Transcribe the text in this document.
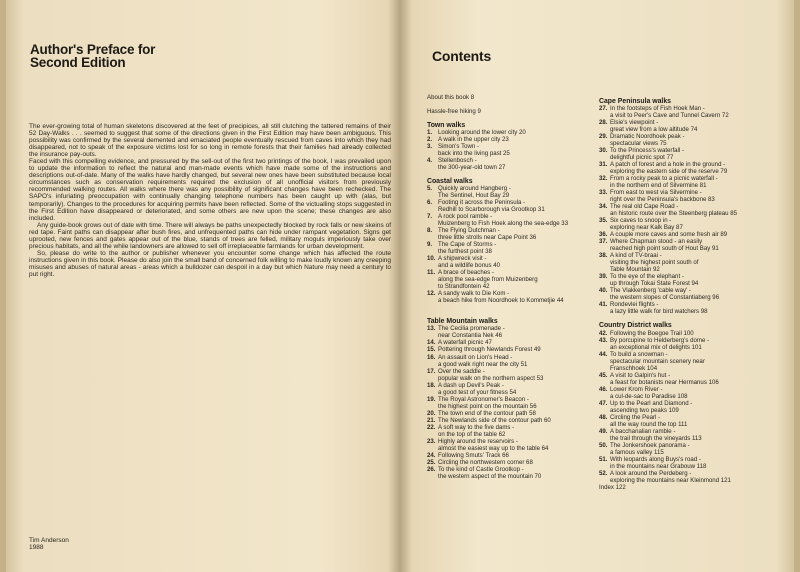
Author's Preface for
Second Edition

The ever-growing total of human skeletons discovered at the feet of precipices, all still clutching the tattered remains of their 52 Day-Walks . . . seemed to suggest that some of the directions given in the First Edition may have been ambiguous. This possibility was confirmed by the several demented and emaciated people eventually rescued from caves into which they had disappeared, not to speak of the exposure victims lost for so long in remote forests that their families had already collected the insurance pay-outs.

Faced with this compelling evidence, and pressured by the sell-out of the first two printings of the book, I was prevailed upon to update the information to reflect the natural and man-made events which have made some of the instructions and descriptions out-of-date. Many of the walks have hardly changed, but several new ones have been substituted because local circumstances such as conservation requirements required the exclusion of all unofficial visitors from previously recommended walking routes. All walks where there was any possibility of significant changes have been rechecked. The SAPO's infuriating preoccupation with continually changing telephone numbers has been caught up with (alas, but temporarily). Changes to the procedures for acquiring permits have been reflected. Some of the victualling stops suggested in the First Edition have disappeared or deteriorated, and some others are new upon the scene; these changes are also included.

Any guide-book grows out of date with time. There will always be paths unexpectedly blocked by rock falls or new skeins of red tape. Faint paths can disappear after bush fires, and unfrequented paths can hide under rampant vegetation. Signs get uprooted, new fences and gates appear out of the blue, stands of trees are felled, military moguls imperiously take over precious habitats, and all the while landowners are allowed to sell off irreplaceable farmlands for urban development.

So, please do write to the author or publisher whenever you encounter some change which has affected the route instructions given in this book. Please do also join the small band of concerned folk willing to make loudly known any creeping misuses and abuses of natural areas - areas which a bulldozer can despoil in a day but which Nature may need a century to put right.

Tim Anderson
1988
Contents
About this book 8
Hassle-free hiking 9
Town walks
1. Looking around the lower city 20
2. A walk in the upper city 23
3. Simon's Town -
back into the living past 25
4. Stellenbosch -
the 300-year-old town 27
Coastal walks
5. Quickly around Hangberg -
The Sentinel, Hout Bay 29
6. Footing it across the Peninsula -
Redhill to Scarborough via Grootkop 31
7. A rock pool ramble -
Muizenberg to Fish Hoek along the sea-edge 33
8. The Flying Dutchman -
three little strolls near Cape Point 36
9. The Cape of Storms -
the furthest point 38
10. A shipwreck visit -
and a wildlife bonus 40
11. A brace of beaches -
along the sea-edge from Muizenberg
to Strandfontein 42
12. A sandy walk to Die Kom -
a beach hike from Noordhoek to Kommetjie 44
Table Mountain walks
13. The Cecilia promenade -
near Constantia Nek 46
14. A waterfall picnic 47
15. Pottering through Newlands Forest 49
16. An assault on Lion's Head -
a good walk right near the city 51
17. Over the saddle -
popular walk on the northern aspect 53
18. A dash up Devil's Peak -
a good test of your fitness 54
19. The Royal Astronomer's Beacon -
the highest point on the mountain 56
20. The town end of the contour path 58
21. The Newlands side of the contour path 60
22. A soft way to the five dams -
on the top of the table 62
23. Highly around the reservoirs -
almost the easiest way up to the table 64
24. Following Smuts' Track 66
25. Circling the northwestern corner 68
26. To the kind of Castle Grootkop -
the western aspect of the mountain 70
Cape Peninsula walks
27. In the footsteps of Fish Hoek Man -
a visit to Peer's Cave and Tunnel Cavern 72
28. Elsie's viewpoint -
great view from a low altitude 74
29. Dramatic Noordhoek peak -
spectacular views 75
30. To the Princess's waterfall -
delightful picnic spot 77
31. A patch of forest and a hole in the ground -
exploring the eastern side of the reserve 79
32. From a rocky peak to a picnic waterfall -
in the northern end of Silvermine 81
33. From east to west via Silvermine -
right over the Peninsula's backbone 83
34. The real old Cape Road -
an historic route over the Steenberg plateau 85
35. Six caves to snoop in -
exploring near Kalk Bay 87
36. A couple more caves and some fresh air 89
37. Where Chapman stood - an easily
reached high point south of Hout Bay 91
38. A kind of TV-braai -
visiting the highest point south of
Table Mountain 92
39. To the eye of the elephant -
up through Tokai State Forest 94
40. The Vlakkenberg 'cable way' -
the western slopes of Constantiaberg 96
41. Rondevlei flights -
a lazy little walk for bird watchers 98
Country District walks
42. Following the Boegoe Trail 100
43. By porcupine to Helderberg's dome -
an exceptional mix of delights 101
44. To build a snowman -
spectacular mountain scenery near
Franschhoek 104
45. A visit to Galpin's hut -
a feast for botanists near Hermanus 106
46. Lower Krom River -
a cul-de-sac to Paradise 108
47. Up to the Pearl and Diamond -
ascending two peaks 109
48. Circling the Pearl -
all the way round the top 111
49. A bacchanalian ramble -
the trail through the vineyards 113
50. The Jonkershoek panorama -
a famous valley 115
51. With leopards along Buys's road -
in the mountains near Grabouw 118
52. A look around the Perdeberg -
exploring the mountains near Kleinmond 121
Index 122
